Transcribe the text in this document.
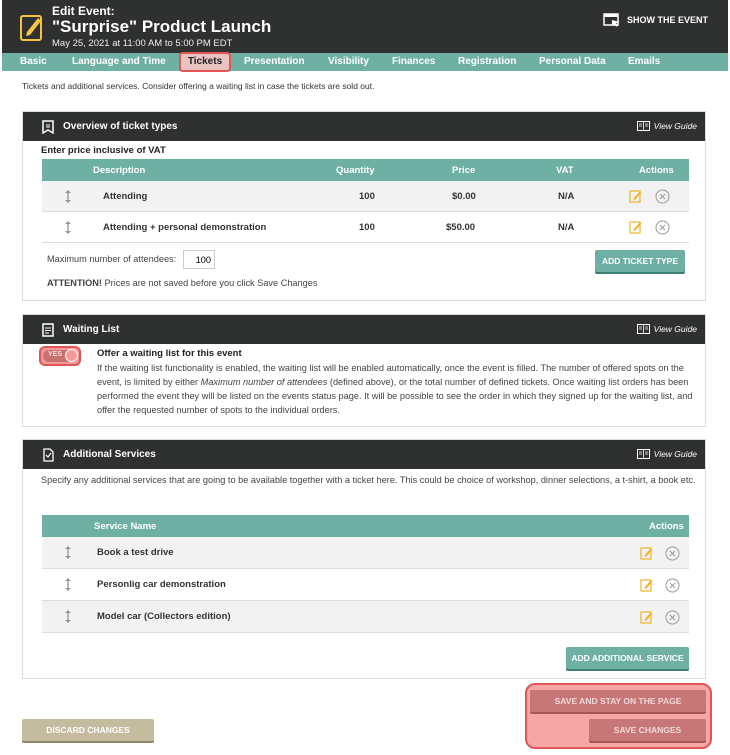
Edit Event:
"Surprise" Product Launch
May 25, 2021 at 11:00 AM to 5:00 PM EDT
SHOW THE EVENT
Basic	Language and Time	Tickets	Presentation Visibility Finances Registration Personal Data Emails
Tickets and additional services. Consider offering a waiting list in case the tickets are sold out.
Overview of ticket types	View Guide
Enter price inclusive of VAT
Description	Quantity	Price	VAT	Actions
Attending	100	$0.00	N/A
Attending + personal demonstration	100	$50.00	N/A
Maximum number of attendees:
100	ADD TICKET TYPE
ATTENTION! Prices are not saved before you click Save Changes
Waiting List	View Guide
YES	Offer a waiting list for this event
If the waiting list functionality is enabled, the waiting list will be enabled automatically, once the event is filled. The number of offered spots on the event, is limited by either Maximum number of attendees (defined above), or the total number of defined tickets. Once waiting list orders has been performed the event they will be listed on the events status page. It will be possible to see the order in which they signed up for the waiting list, and offer the requested number of spots to the individual orders.
Additional Services	View Guide
Specify any additional services that are going to be available together with a ticket here. This could be choice of workshop, dinner selections, a t-shirt, a book etc.
Service Name	Actions
Book a test drive
Personlig car demonstration
Model car (Collectors edition)
ADD ADDITIONAL SERVICE
DISCARD CHANGES
SAVE AND STAY ON THE PAGE
SAVE CHANGES
